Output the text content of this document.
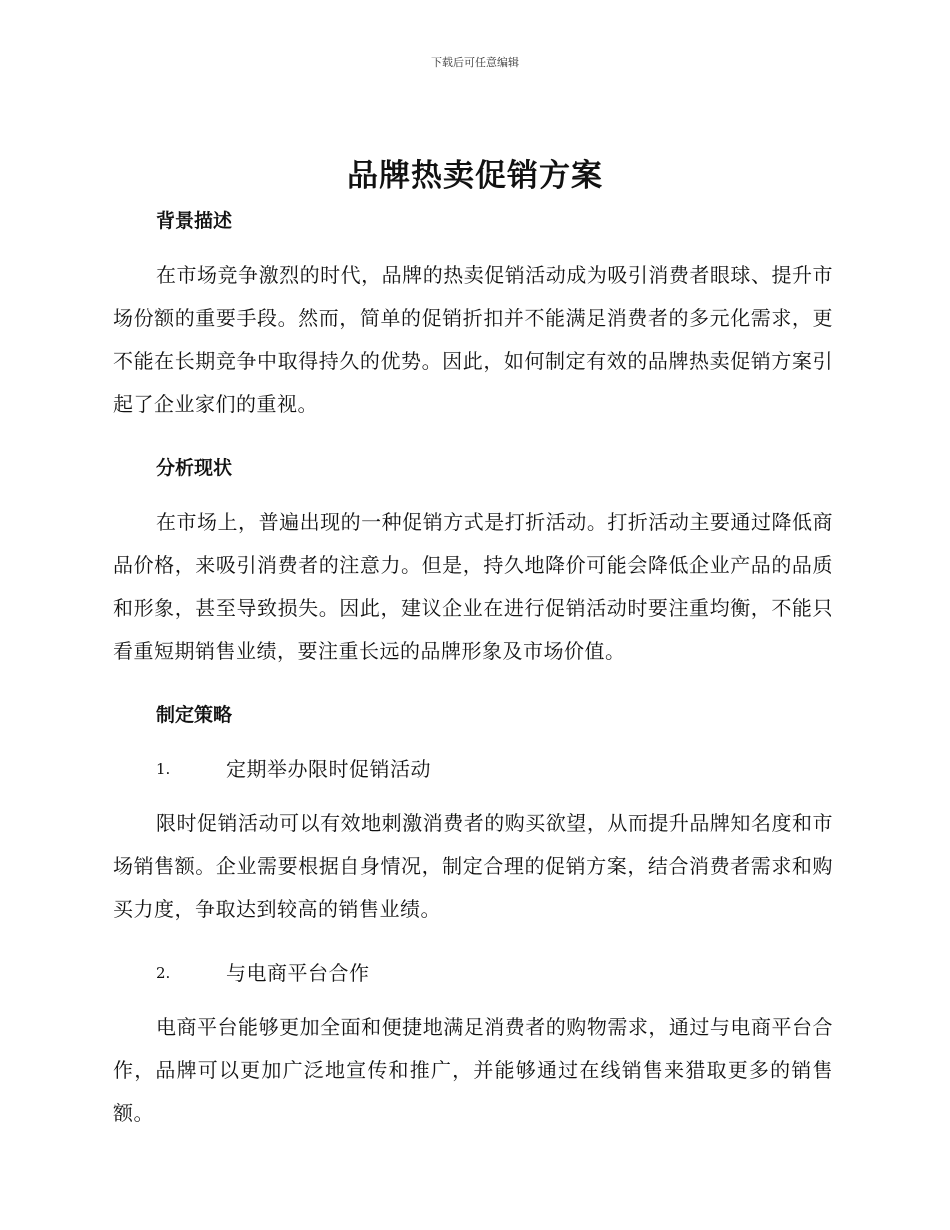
下载后可任意编辑
品牌热卖促销方案
背景描述

在市场竞争激烈的时代，品牌的热卖促销活动成为吸引消费者眼球、提升市场份额的重要手段。然而，简单的促销折扣并不能满足消费者的多元化需求，更不能在长期竞争中取得持久的优势。因此，如何制定有效的品牌热卖促销方案引起了企业家们的重视。

分析现状

在市场上，普遍出现的一种促销方式是打折活动。打折活动主要通过降低商品价格，来吸引消费者的注意力。但是，持久地降价可能会降低企业产品的品质和形象，甚至导致损失。因此，建议企业在进行促销活动时要注重均衡，不能只看重短期销售业绩，要注重长远的品牌形象及市场价值。

制定策略
1.	定期举办限时促销活动

限时促销活动可以有效地刺激消费者的购买欲望，从而提升品牌知名度和市场销售额。企业需要根据自身情况，制定合理的促销方案，结合消费者需求和购买力度，争取达到较高的销售业绩。

2.	与电商平台合作

电商平台能够更加全面和便捷地满足消费者的购物需求，通过与电商平台合作，品牌可以更加广泛地宣传和推广，并能够通过在线销售来猎取更多的销售额。
